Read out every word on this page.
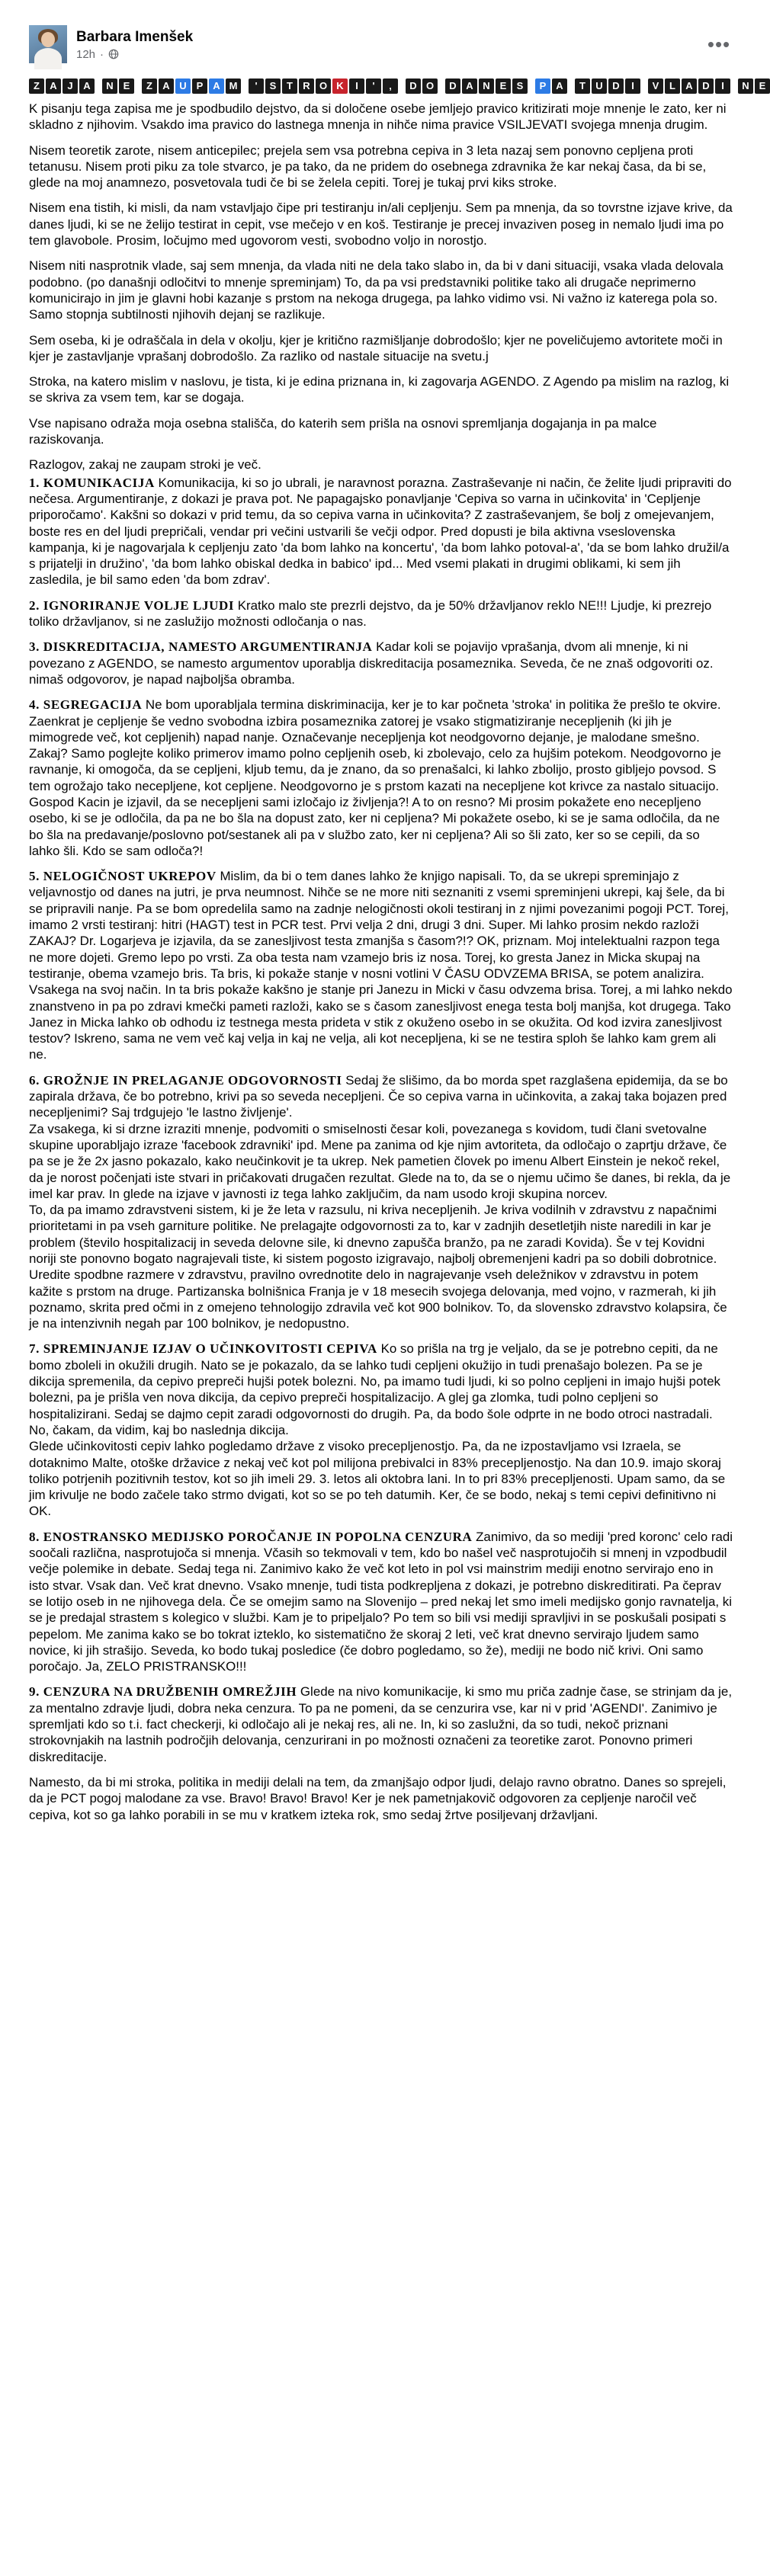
Barbara Imenšek
12h ·	•••
Z	A	J	A	N E	Z	A U P A M	'	S	T	R O K	I	'	,	D O	D A N E	S	P A	T	U D	I	V	L	A D	I	N E

K pisanju tega zapisa me je spodbudilo dejstvo, da si določene osebe jemljejo pravico kritizirati moje mnenje le zato, ker ni skladno z njihovim. Vsakdo ima pravico do lastnega mnenja in nihče nima pravice VSILJEVATI svojega mnenja drugim.

Nisem teoretik zarote, nisem anticepilec; prejela sem vsa potrebna cepiva in 3 leta nazaj sem ponovno cepljena proti tetanusu. Nisem proti piku za tole stvarco, je pa tako, da ne pridem do osebnega zdravnika že kar nekaj časa, da bi se, glede na moj anamnezo, posvetovala tudi če bi se želela cepiti. Torej je tukaj prvi kiks stroke.

Nisem ena tistih, ki misli, da nam vstavljajo čipe pri testiranju in/ali cepljenju. Sem pa mnenja, da so tovrstne izjave krive, da danes ljudi, ki se ne želijo testirat in cepit, vse mečejo v en koš. Testiranje je precej invaziven poseg in nemalo ljudi ima po tem glavobole. Prosim, ločujmo med ugovorom vesti, svobodno voljo in norostjo.

Nisem niti nasprotnik vlade, saj sem mnenja, da vlada niti ne dela tako slabo in, da bi v dani situaciji, vsaka vlada delovala podobno. (po današnji odločitvi to mnenje spreminjam) To, da pa vsi predstavniki politike tako ali drugače neprimerno komunicirajo in jim je glavni hobi kazanje s prstom na nekoga drugega, pa lahko vidimo vsi. Ni važno iz katerega pola so. Samo stopnja subtilnosti njihovih dejanj se razlikuje.

Sem oseba, ki je odraščala in dela v okolju, kjer je kritično razmišljanje dobrodošlo; kjer ne poveličujemo avtoritete moči in kjer je zastavljanje vprašanj dobrodošlo. Za razliko od nastale situacije na svetu.j

Stroka, na katero mislim v naslovu, je tista, ki je edina priznana in, ki zagovarja AGENDO. Z Agendo pa mislim na razlog, ki se skriva za vsem tem, kar se dogaja.

Vse napisano odraža moja osebna stališča, do katerih sem prišla na osnovi spremljanja dogajanja in pa malce raziskovanja.

Razlogov, zakaj ne zaupam stroki je več.

1. KOMUNIKACIJA Komunikacija, ki so jo ubrali, je naravnost porazna. Zastraševanje ni način, če želite ljudi pripraviti do nečesa. Argumentiranje, z dokazi je prava pot. Ne papagajsko ponavljanje 'Cepiva so varna in učinkovita' in 'Cepljenje priporočamo'. Kakšni so dokazi v prid temu, da so cepiva varna in učinkovita? Z zastraševanjem, še bolj z omejevanjem, boste res en del ljudi prepričali, vendar pri večini ustvarili še večji odpor. Pred dopusti je bila aktivna vseslovenska kampanja, ki je nagovarjala k cepljenju zato 'da bom lahko na koncertu', 'da bom lahko potoval-a', 'da se bom lahko družil/a s prijatelji in družino', 'da bom lahko obiskal dedka in babico' ipd... Med vsemi plakati in drugimi oblikami, ki sem jih zasledila, je bil samo eden 'da bom zdrav'.

2. IGNORIRANJE VOLJE LJUDI Kratko malo ste prezrli dejstvo, da je 50% državljanov reklo NE!!! Ljudje, ki prezrejo toliko državljanov, si ne zaslužijo možnosti odločanja o nas.

3. DISKREDITACIJA, NAMESTO ARGUMENTIRANJA Kadar koli se pojavijo vprašanja, dvom ali mnenje, ki ni povezano z AGENDO, se namesto argumentov uporablja diskreditacija posameznika. Seveda, če ne znaš odgovoriti oz. nimaš odgovorov, je napad najboljša obramba.

4. SEGREGACIJA Ne bom uporabljala termina diskriminacija, ker je to kar počneta 'stroka' in politika že prešlo te okvire. Zaenkrat je cepljenje še vedno svobodna izbira posameznika zatorej je vsako stigmatiziranje necepljenih (ki jih je mimogrede več, kot cepljenih) napad nanje. Označevanje necepljenja kot neodgovorno dejanje, je malodane smešno. Zakaj? Samo poglejte koliko primerov imamo polno cepljenih oseb, ki zbolevajo, celo za hujšim potekom. Neodgovorno je ravnanje, ki omogoča, da se cepljeni, kljub temu, da je znano, da so prenašalci, ki lahko zbolijo, prosto gibljejo povsod. S tem ogrožajo tako necepljene, kot cepljene. Neodgovorno je s prstom kazati na necepljene kot krivce za nastalo situacijo. Gospod Kacin je izjavil, da se necepljeni sami izločajo iz življenja?! A to on resno? Mi prosim pokažete eno necepljeno osebo, ki se je odločila, da pa ne bo šla na dopust zato, ker ni cepljena? Mi pokažete osebo, ki se je sama odločila, da ne bo šla na predavanje/poslovno pot/sestanek ali pa v službo zato, ker ni cepljena? Ali so šli zato, ker so se cepili, da so lahko šli. Kdo se sam odloča?!

5. NELOGIČNOST UKREPOV Mislim, da bi o tem danes lahko že knjigo napisali. To, da se ukrepi spreminjajo z veljavnostjo od danes na jutri, je prva neumnost. Nihče se ne more niti seznaniti z vsemi spreminjeni ukrepi, kaj šele, da bi se pripravili nanje. Pa se bom opredelila samo na zadnje nelogičnosti okoli testiranj in z njimi povezanimi pogoji PCT. Torej, imamo 2 vrsti testiranj: hitri (HAGT) test in PCR test. Prvi velja 2 dni, drugi 3 dni. Super. Mi lahko prosim nekdo razloži ZAKAJ? Dr. Logarjeva je izjavila, da se zanesljivost testa zmanjša s časom?!? OK, priznam. Moj intelektualni razpon tega ne more dojeti. Gremo lepo po vrsti. Za oba testa nam vzamejo bris iz nosa. Torej, ko gresta Janez in Micka skupaj na testiranje, obema vzamejo bris. Ta bris, ki pokaže stanje v nosni votlini V ČASU ODVZEMA BRISA, se potem analizira. Vsakega na svoj način. In ta bris pokaže kakšno je stanje pri Janezu in Micki v času odvzema brisa. Torej, a mi lahko nekdo znanstveno in pa po zdravi kmečki pameti razloži, kako se s časom zanesljivost enega testa bolj manjša, kot drugega. Tako Janez in Micka lahko ob odhodu iz testnega mesta prideta v stik z okuženo osebo in se okužita. Od kod izvira zanesljivost testov? Iskreno, sama ne vem več kaj velja in kaj ne velja, ali kot necepljena, ki se ne testira sploh še lahko kam grem ali ne.

6. GROŽNJE IN PRELAGANJE ODGOVORNOSTI Sedaj že slišimo, da bo morda spet razglašena epidemija, da se bo zapirala država, če bo potrebno, krivi pa so seveda necepljeni. Če so cepiva varna in učinkovita, a zakaj taka bojazen pred necepljenimi? Saj trdgujejo 'le lastno življenje'.
Za vsakega, ki si drzne izraziti mnenje, podvomiti o smiselnosti česar koli, povezanega s kovidom, tudi člani svetovalne skupine uporabljajo izraze 'facebook zdravniki' ipd. Mene pa zanima od kje njim avtoriteta, da odločajo o zaprtju države, če pa se je že 2x jasno pokazalo, kako neučinkovit je ta ukrep. Nek pametien človek po imenu Albert Einstein je nekoč rekel, da je norost počenjati iste stvari in pričakovati drugačen rezultat. Glede na to, da se o njemu učimo še danes, bi rekla, da je imel kar prav. In glede na izjave v javnosti iz tega lahko zaključim, da nam usodo kroji skupina norcev.
To, da pa imamo zdravstveni sistem, ki je že leta v razsulu, ni kriva necepljenih. Je kriva vodilnih v zdravstvu z napačnimi prioritetami in pa vseh garniture politike. Ne prelagajte odgovornosti za to, kar v zadnjih desetletjih niste naredili in kar je problem (število hospitalizacij in seveda delovne sile, ki dnevno zapušča branžo, pa ne zaradi Kovida). Še v tej Kovidni noriji ste ponovno bogato nagrajevali tiste, ki sistem pogosto izigravajo, najbolj obremenjeni kadri pa so dobili dobrotnice. Uredite spodbne razmere v zdravstvu, pravilno ovrednotite delo in nagrajevanje vseh deležnikov v zdravstvu in potem kažite s prstom na druge. Partizanska bolnišnica Franja je v 18 mesecih svojega delovanja, med vojno, v razmerah, ki jih poznamo, skrita pred očmi in z omejeno tehnologijo zdravila več kot 900 bolnikov. To, da slovensko zdravstvo kolapsira, če je na intenzivnih negah par 100 bolnikov, je nedopustno.

7. SPREMINJANJE IZJAV O UČINKOVITOSTI CEPIVA Ko so prišla na trg je veljalo, da se je potrebno cepiti, da ne bomo zboleli in okužili drugih. Nato se je pokazalo, da se lahko tudi cepljeni okužijo in tudi prenašajo bolezen. Pa se je dikcija spremenila, da cepivo prepreči hujši potek bolezni. No, pa imamo tudi ljudi, ki so polno cepljeni in imajo hujši potek bolezni, pa je prišla ven nova dikcija, da cepivo prepreči hospitalizacijo. A glej ga zlomka, tudi polno cepljeni so hospitalizirani. Sedaj se dajmo cepit zaradi odgovornosti do drugih. Pa, da bodo šole odprte in ne bodo otroci nastradali. No, čakam, da vidim, kaj bo naslednja dikcija.
Glede učinkovitosti cepiv lahko pogledamo države z visoko precepljenostjo. Pa, da ne izpostavljamo vsi Izraela, se dotaknimo Malte, otoške državice z nekaj več kot pol milijona prebivalci in 83% precepljenostjo. Na dan 10.9. imajo skoraj toliko potrjenih pozitivnih testov, kot so jih imeli 29. 3. letos ali oktobra lani. In to pri 83% precepljenosti. Upam samo, da se jim krivulje ne bodo začele tako strmo dvigati, kot so se po teh datumih. Ker, če se bodo, nekaj s temi cepivi definitivno ni OK.

8. ENOSTRANSKO MEDIJSKO POROČANJE IN POPOLNA CENZURA Zanimivo, da so mediji 'pred koronc' celo radi soočali različna, nasprotujoča si mnenja. Včasih so tekmovali v tem, kdo bo našel več nasprotujočih si mnenj in vzpodbudil večje polemike in debate. Sedaj tega ni. Zanimivo kako že več kot leto in pol vsi mainstrim mediji enotno servirajo eno in isto stvar. Vsak dan. Več krat dnevno. Vsako mnenje, tudi tista podkrepljena z dokazi, je potrebno diskreditirati. Pa čeprav se lotijo oseb in ne njihovega dela. Če se omejim samo na Slovenijo – pred nekaj let smo imeli medijsko gonjo ravnatelja, ki se je predajal strastem s kolegico v službi. Kam je to pripeljalo? Po tem so bili vsi mediji spravljivi in se poskušali posipati s pepelom. Me zanima kako se bo tokrat izteklo, ko sistematično že skoraj 2 leti, več krat dnevno servirajo ljudem samo novice, ki jih strašijo. Seveda, ko bodo tukaj posledice (če dobro pogledamo, so že), mediji ne bodo nič krivi. Oni samo poročajo. Ja, ZELO PRISTRANSKO!!!

9. CENZURA NA DRUŽBENIH OMREŽJIH Glede na nivo komunikacije, ki smo mu priča zadnje čase, se strinjam da je, za mentalno zdravje ljudi, dobra neka cenzura. To pa ne pomeni, da se cenzurira vse, kar ni v prid 'AGENDI'. Zanimivo je spremljati kdo so t.i. fact checkerji, ki odločajo ali je nekaj res, ali ne. In, ki so zaslužni, da so tudi, nekoč priznani strokovnjakih na lastnih področjih delovanja, cenzurirani in po možnosti označeni za teoretike zarot. Ponovno primeri diskreditacije.

Namesto, da bi mi stroka, politika in mediji delali na tem, da zmanjšajo odpor ljudi, delajo ravno obratno. Danes so sprejeli, da je PCT pogoj malodane za vse. Bravo! Bravo! Bravo! Ker je nek pametnjakovič odgovoren za cepljenje naročil več cepiva, kot so ga lahko porabili in se mu v kratkem izteka rok, smo sedaj žrtve posiljevanj državljani.
